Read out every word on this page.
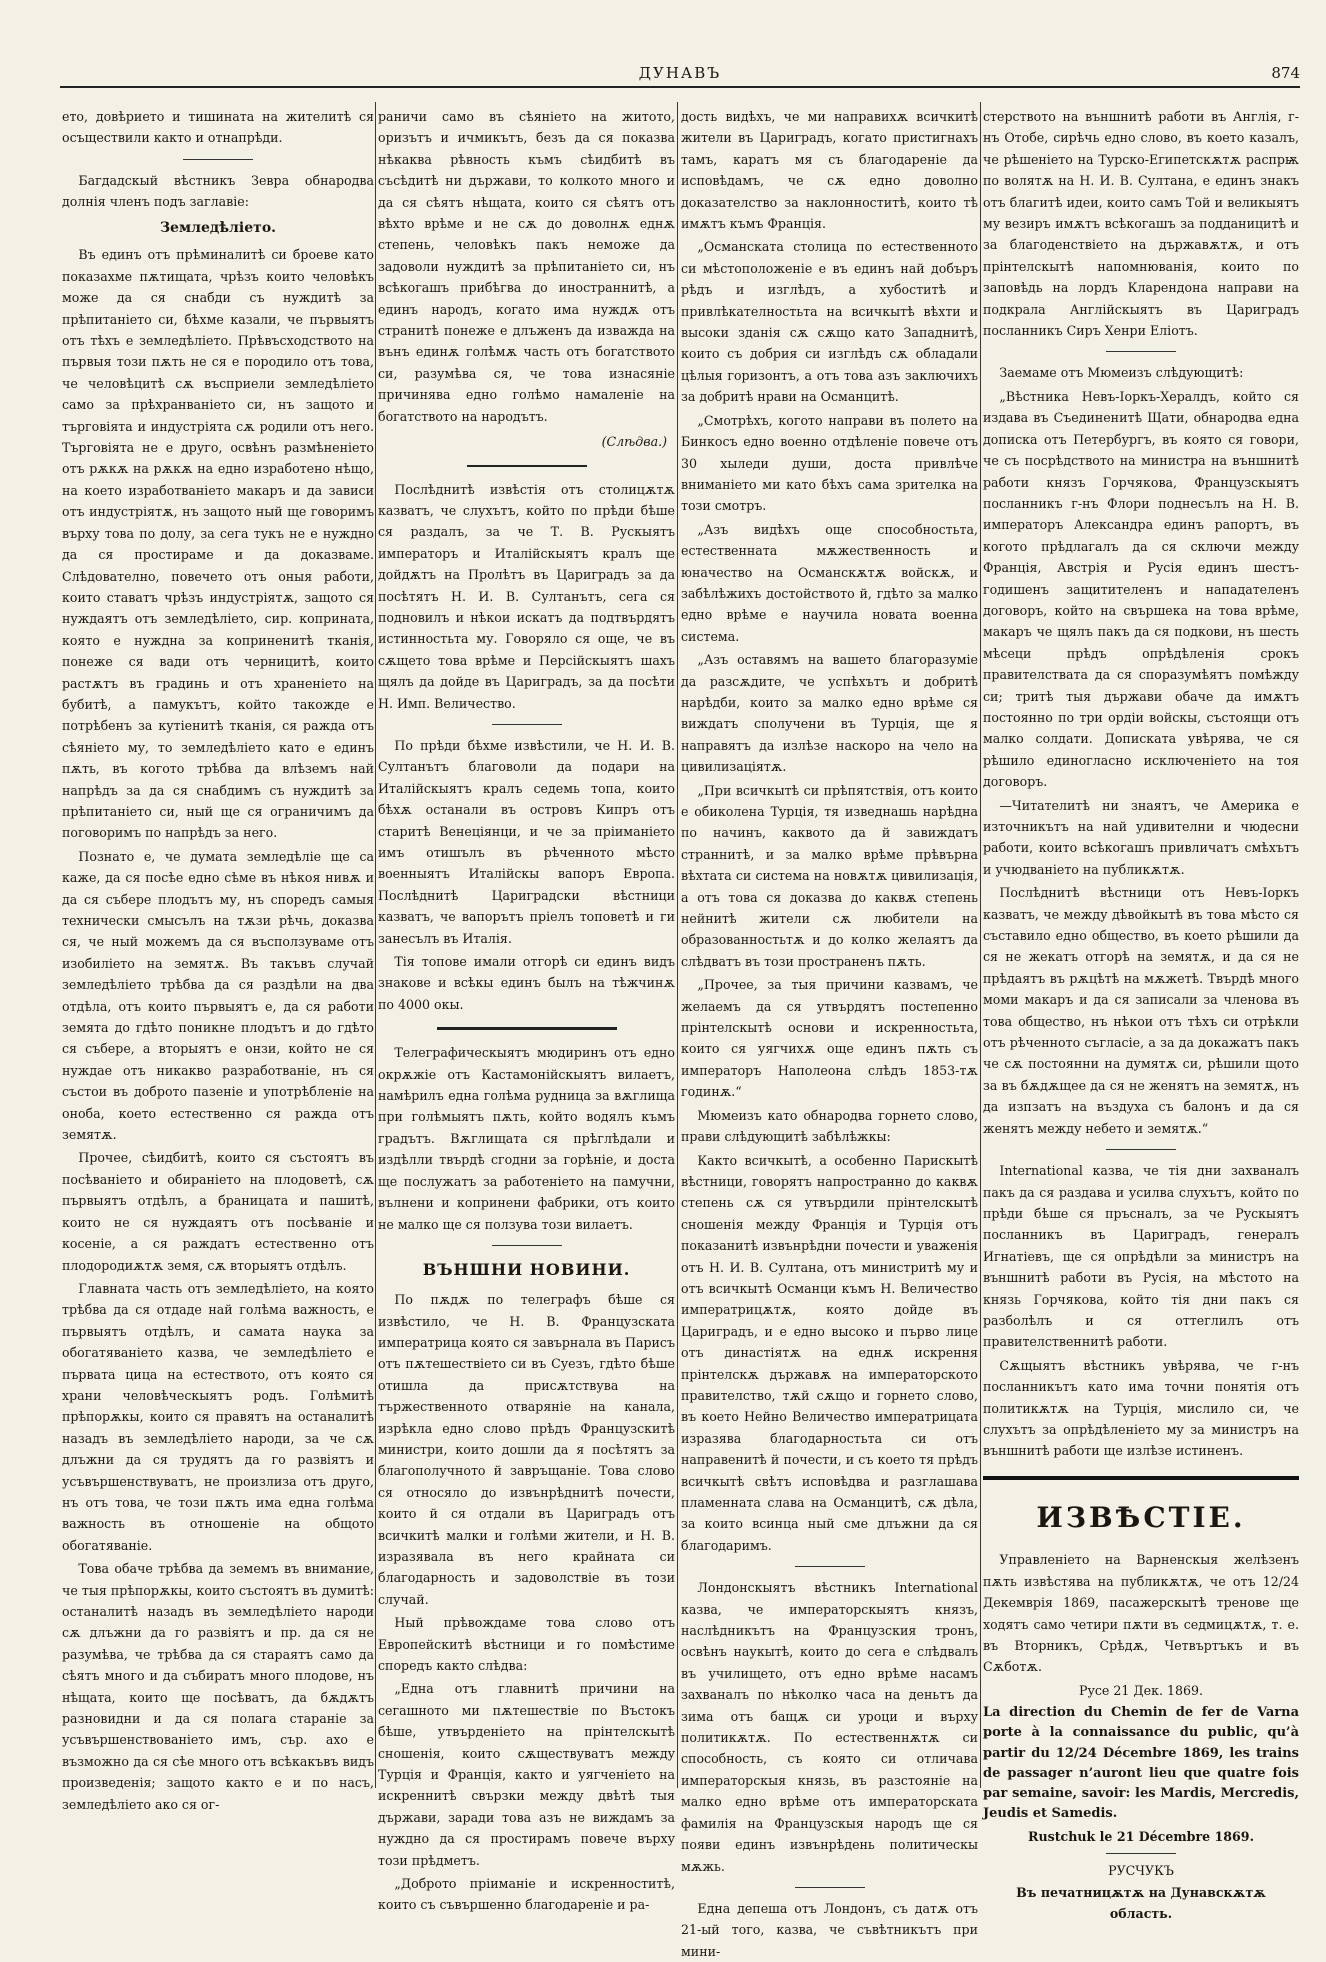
ДУНАВЪ	874

ето, довѣрието и тишината на жителитѣ ся осъществили както и отнапрѣди.

Багдадскый вѣстникъ Зевра обнародва долнія членъ подъ заглавіе:

Земледѣліето.

Въ единъ отъ прѣминалитѣ си броеве като показахме пѫтищата, чрѣзъ които человѣкъ може да ся снабди съ нуждитѣ за прѣпитаніето си, бѣхме казали, че първыятъ отъ тѣхъ е земледѣліето. Прѣвъсходството на първыя този пѫть не ся е породило отъ това, че человѣцитѣ сѫ въсприели земледѣліето само за прѣхранваніето си, нъ защото и търговіята и индустріята сѫ родили отъ него. Търговіята не е друго, освѣнъ размѣненіето отъ рѫкѫ на рѫкѫ на едно изработено нѣщо, на което изработваніето макаръ и да зависи отъ индустріятѫ, нъ защото ный ще говоримъ върху това по долу, за сега тукъ не е нуждно да ся простираме и да доказваме. Слѣдователно, повечето отъ оныя работи, които ставатъ чрѣзъ индустріятѫ, защото ся нуждаятъ отъ земледѣліето, сир. коприната, която е нуждна за коприненитѣ тканія, понеже ся вади отъ черницитѣ, които растѫтъ въ градинь и отъ храненіето на бубитѣ, а памукътъ, който такожде е потрѣбенъ за кутіенитѣ тканія, ся ражда отъ сѣяніето му, то земледѣліето като е единъ пѫть, въ когото трѣбва да влѣземъ най напрѣдъ за да ся снабдимъ съ нуждитѣ за прѣпитаніето си, ный ще ся ограничимъ да поговоримъ по напрѣдъ за него.

Познато е, че думата земледѣліе ще са каже, да ся посѣе едно сѣме въ нѣкоя нивѫ и да ся събере плодътъ му, нъ споредъ самыя технически смысълъ на тѫзи рѣчь, доказва ся, че ный можемъ да ся въсползуваме отъ изобиліето на земятѫ. Въ такъвъ случай земледѣліето трѣбва да ся раздѣли на два отдѣла, отъ които първыятъ е, да ся работи земята до гдѣто поникне плодътъ и до гдѣто ся събере, а вторыятъ е онзи, който не ся нуждае отъ никакво разработваніе, нъ ся състои въ доброто пазеніе и употрѣбленіе на оноба, което естественно ся ражда отъ земятѫ.

Прочее, сѣидбитѣ, които ся състоятъ въ посѣваніето и обираніето на плодоветѣ, сѫ първыятъ отдѣлъ, а браницата и пашитѣ, които не ся нуждаятъ отъ посѣваніе и косеніе, а ся раждатъ естественно отъ плодородиѫтѫ земя, сѫ вторыятъ отдѣлъ.

Главната часть отъ земледѣліето, на която трѣбва да ся отдаде най голѣма важность, е първыятъ отдѣлъ, и самата наука за обогатяваніето казва, че земледѣліето е първата цица на естеството, отъ която ся храни человѣческыятъ родъ. Голѣмитѣ прѣпорѫкы, които ся правятъ на останалитѣ назадъ въ земледѣліето народи, за че сѫ длъжни да ся трудятъ да го развіятъ и усъвършенствуватъ, не произлиза отъ друго, нъ отъ това, че този пѫть има една голѣма важность въ отношеніе на общото обогатяваніе.

Това обаче трѣбва да земемъ въ внимание, че тыя прѣпорѫкы, които състоятъ въ думитѣ: останалитѣ назадъ въ земледѣліето народи сѫ длъжни да го развіятъ и пр. да ся не разумѣва, че трѣбва да ся стараятъ само да сѣятъ много и да събиратъ много плодове, нъ нѣщата, които ще посѣватъ, да бѫдѫтъ разновидни и да ся полага стараніе за усъвършенствованіето имъ, сър. ахо е възможно да ся сѣе много отъ всѣкакъвъ видъ произведенія; защото както е и по насъ, земледѣліето ако ся ог-

раничи само въ сѣяніето на житото, оризътъ и ичмикътъ, безъ да ся показва нѣкаква рѣвность къмъ сѣидбитѣ въ съсѣдитѣ ни държави, то колкото много и да ся сѣятъ нѣщата, които ся сѣятъ отъ вѣхто врѣме и не сѫ до доволнѫ еднѫ степень, человѣкъ пакъ неможе да задоволи нуждитѣ за прѣпитаніето си, нъ всѣкогашъ прибѣгва до иностраннитѣ, а единъ народъ, когато има нуждѫ отъ странитѣ понеже е длъженъ да изважда на вънъ единѫ голѣмѫ часть отъ богатството си, разумѣва ся, че това изнасяніе причинява едно голѣмо намаленіе на богатството на народътъ.

(Слѣдва.)

Послѣднитѣ извѣстія отъ столицѫтѫ казватъ, че слухътъ, който по прѣди бѣше ся раздалъ, за че Т. В. Рускыятъ императоръ и Италійскыятъ кралъ ще дойдѫтъ на Пролѣтъ въ Цариградъ за да посѣтятъ Н. И. В. Султанътъ, сега ся подновилъ и нѣкои искатъ да подтвърдятъ истинностьта му. Говоряло ся още, че въ сѫщето това врѣме и Персійскыятъ шахъ щялъ да дойде въ Цариградъ, за да посѣти Н. Имп. Величество.

По прѣди бѣхме извѣстили, че Н. И. В. Султанътъ благоволи да подари на Италійскыятъ кралъ седемь топа, които бѣхѫ останали въ островъ Кипръ отъ старитѣ Венеціянци, и че за пріиманіето имъ отишълъ въ рѣченното мѣсто военныятъ Италійскы вапоръ Европа. Послѣднитѣ Цариградски вѣстници казватъ, че вапорътъ пріелъ топоветѣ и ги занесълъ въ Италія.

Тія топове имали отгорѣ си единъ видъ знакове и всѣкы единъ былъ на тѣжчинѫ по 4000 окы.

Телеграфическыятъ мюдиринъ отъ едно окрѫжіе отъ Кастамонійскыятъ вилаетъ, намѣрилъ една голѣма рудница за вѫглища при голѣмыятъ пѫть, който водялъ къмъ градътъ. Вѫглищата ся прѣглѣдали и издѣлли твърдѣ сгодни за горѣніе, и доста ще послужатъ за работеніето на памучни, вълнени и копринени фабрики, отъ които не малко ще ся ползува този вилаетъ.

ВЪНШНИ НОВИНИ.

По пѫдѫ по телеграфъ бѣше ся извѣстило, че Н. В. Французската императрица която ся завърнала въ Парисъ отъ пѫтешествіето си въ Суезъ, гдѣто бѣше отишла да присѫтствува на тържественното отваряніе на канала, изрѣкла едно слово прѣдъ Французскитѣ министри, които дошли да я посѣтятъ за благополучното й завръщаніе. Това слово ся относяло до извънрѣднитѣ почести, които й ся отдали въ Цариградъ отъ всичкитѣ малки и голѣми жители, и Н. В. изразявала въ него крайната си благодарность и задоволствіе въ този случай.

Ный прѣвождаме това слово отъ Европейскитѣ вѣстници и го помѣстиме споредъ както слѣдва:

„Една отъ главнитѣ причини на сегашното ми пѫтешествіе по Въстокъ бѣше, утвърденіето на прінтелскытѣ сношенія, които сѫществуватъ между Турція и Франція, както и уягченіето на искреннитѣ свързки между двѣтѣ тыя държави, заради това азъ не виждамъ за нуждно да ся простирамъ повече върху този прѣдметъ.

„Доброто пріиманіе и искренноститѣ, които съ съвършенно благодареніе и ра-

дость видѣхъ, че ми направихѫ всичкитѣ жители въ Цариградъ, когато пристигнахъ тамъ, каратъ мя съ благодареніе да исповѣдамъ, че сѫ едно доволно доказателство за наклонноститѣ, които тѣ имѫтъ къмъ Франція.

„Османската столица по естественното си мѣстоположеніе е въ единъ най добъръ рѣдъ и изглѣдъ, а хубоститѣ и привлѣкателностьта на всичкытѣ вѣхти и высоки зданія сѫ сѫщо като Западнитѣ, които съ добрия си изглѣдъ сѫ обладали цѣлыя горизонтъ, а отъ това азъ заключихъ за добритѣ нрави на Османцитѣ.

„Смотрѣхъ, когото направи въ полето на Бинкосъ едно военно отдѣленіе повече отъ 30 хыледи души, доста привлѣче вниманіето ми като бѣхъ сама зрителка на този смотръ.

„Азъ видѣхъ още способностьта, естественната мѫжественность и юначество на Османскѫтѫ войскѫ, и забѣлѣжихъ достойството й, гдѣто за малко едно врѣме е научила новата военна система.

„Азъ оставямъ на вашето благоразуміе да разсѫдите, че успѣхътъ и добритѣ нарѣдби, които за малко едно врѣме ся виждатъ сполучени въ Турція, ще я направятъ да излѣзе наскоро на чело на цивилизаціятѫ.

„При всичкытѣ си прѣпятствія, отъ които е обиколена Турція, тя изведнашь нарѣдна по начинъ, каквото да й завиждатъ страннитѣ, и за малко врѣме прѣвърна вѣхтата си система на новѫтѫ цивилизація, а отъ това ся доказва до каквѫ степень нейнитѣ жители сѫ любители на образованностьтѫ и до колко желаятъ да слѣдватъ въ този пространенъ пѫть.

„Прочее, за тыя причини казвамъ, че желаемъ да ся утвърдятъ постепенно прінтелскытѣ основи и искренностьта, които ся уягчихѫ още единъ пѫть съ императоръ Наполеона слѣдъ 1853-тѫ годинѫ.“

Мюмеизъ като обнародва горнето слово, прави слѣдующитѣ забѣлѣжкы:

Както всичкытѣ, а особенно Парискытѣ вѣстници, говорятъ напространно до каквѫ степень сѫ ся утвърдили прінтелскытѣ сношенія между Франція и Турція отъ показанитѣ извънрѣдни почести и уваженія отъ Н. И. В. Султана, отъ министритѣ му и отъ всичкытѣ Османци къмъ Н. Величество императрицѫтѫ, която дойде въ Цариградъ, и е едно высоко и първо лице отъ династіятѫ на еднѫ искрення прінтелскѫ държавѫ на императорското правителство, тѫй сѫщо и горнето слово, въ което Нейно Величество императрицата изразява благодарностьта си отъ направенитѣ й почести, и съ което тя прѣдъ всичкытѣ свѣтъ исповѣдва и разглашава пламенната слава на Османцитѣ, сѫ дѣла, за които всинца ный сме длъжни да ся благодаримъ.

Лондонскыятъ вѣстникъ International казва, че императорскыятъ князъ, наслѣдникътъ на Французския тронъ, освѣнъ наукытѣ, които до сега е слѣдвалъ въ училището, отъ едно врѣме насамъ захваналъ по нѣколко часа на деньтъ да зима отъ бащѫ си уроци и върху политикѫтѫ. По естественнѫтѫ си способность, съ която си отличава императорскыя князь, въ разстояніе на малко едно врѣме отъ императорската фамилія на Французскыя народъ ще ся появи единъ извънрѣдень политическы мѫжь.

Една депеша отъ Лондонъ, съ датѫ отъ 21-ый того, казва, че съвѣтникътъ при мини-

стерството на външнитѣ работи въ Англія, г-нъ Отобе, сирѣчь едно слово, въ което казалъ, че рѣшеніето на Турско-Египетскѫтѫ распрѭ по волятѫ на Н. И. В. Султана, е единъ знакъ отъ благитѣ идеи, които самъ Той и великыятъ му везиръ имѫтъ всѣкогашъ за подданицитѣ и за благоденствіето на държавѫтѫ, и отъ прінтелскытѣ напомнюванія, които по заповѣдь на лордъ Кларендона направи на подкрала Англійскыятъ въ Цариградъ посланникъ Сиръ Хенри Еліотъ.

Заемаме отъ Мюмеизъ слѣдующитѣ:

„Вѣстника Невъ-Іоркъ-Хералдъ, който ся издава въ Съединенитѣ Щати, обнародва една дописка отъ Петербургъ, въ която ся говори, че съ посрѣдството на министра на външнитѣ работи князъ Горчякова, Французскыятъ посланникъ г-нъ Флори поднесълъ на Н. В. императоръ Александра единъ рапортъ, въ когото прѣдлагалъ да ся сключи между Франція, Австрія и Русія единъ шестъ-годишенъ защитителенъ и нападателенъ договоръ, който на свършека на това врѣме, макаръ че щялъ пакъ да ся подкови, нъ шесть мѣсеци прѣдъ опрѣдѣленія срокъ правителствата да ся споразумѣятъ помѣжду си; тритѣ тыя държави обаче да имѫтъ постоянно по три ордіи войскы, състоящи отъ малко солдати. Дописката увѣрява, че ся рѣшило единогласно исключеніето на тоя договоръ.

—Читателитѣ ни знаятъ, че Америка е източникътъ на най удивителни и чюдесни работи, които всѣкогашъ привличатъ смѣхътъ и учюдваніето на публикѫтѫ.

Послѣднитѣ вѣстници отъ Невъ-Іоркъ казватъ, че между дѣвойкытѣ въ това мѣсто ся съставило едно общество, въ което рѣшили да ся не жекатъ отгорѣ на земятѫ, и да ся не прѣдаятъ въ рѫцѣтѣ на мѫжетѣ. Твърдѣ много моми макаръ и да ся записали за членова въ това общество, нъ нѣкои отъ тѣхъ си отрѣкли отъ рѣченното съгласіе, а за да докажатъ пакъ че сѫ постоянни на думятѫ си, рѣшили щото за въ бѫдѫщее да ся не женятъ на земятѫ, нъ да изпзатъ на въздуха съ балонъ и да ся женятъ между небето и земятѫ.“

International казва, че тія дни захваналъ пакъ да ся раздава и усилва слухътъ, който по прѣди бѣше ся пръсналъ, за че Рускыятъ посланникъ въ Цариградъ, генералъ Игнатіевъ, ще ся опрѣдѣли за министръ на външнитѣ работи въ Русія, на мѣстото на князь Горчякова, който тія дни пакъ ся разболѣлъ и ся оттеглилъ отъ правителственнитѣ работи.

Сѫщыятъ вѣстникъ увѣрява, че г-нъ посланникътъ като има точни понятія отъ политикѫтѫ на Турція, мислило си, че слухътъ за опрѣдѣленіето му за министръ на външнитѣ работи ще излѣзе истиненъ.

ИЗВѢСТІЕ.

Управленіето на Варненскыя желѣзенъ пѫть извѣстява на публикѫтѫ, че отъ 12/24 Декемврія 1869, пасажерскытѣ тренове ще ходятъ само четири пѫти въ седмицѫтѫ, т. е. въ Вторникъ, Срѣдѫ, Четвъртъкъ и въ Сѫботѫ.

Русе 21 Дек. 1869.

La direction du Chemin de fer de Varna porte à la connaissance du public, qu’à partir du 12/24 Décembre 1869, les trains de passager n’auront lieu que quatre fois par semaine, savoir: les Mardis, Mercredis, Jeudis et Samedis.

Rustchuk le 21 Décembre 1869.

РУСЧУКЪ
Въ печатницѫтѫ на Дунавскѫтѫ область.
